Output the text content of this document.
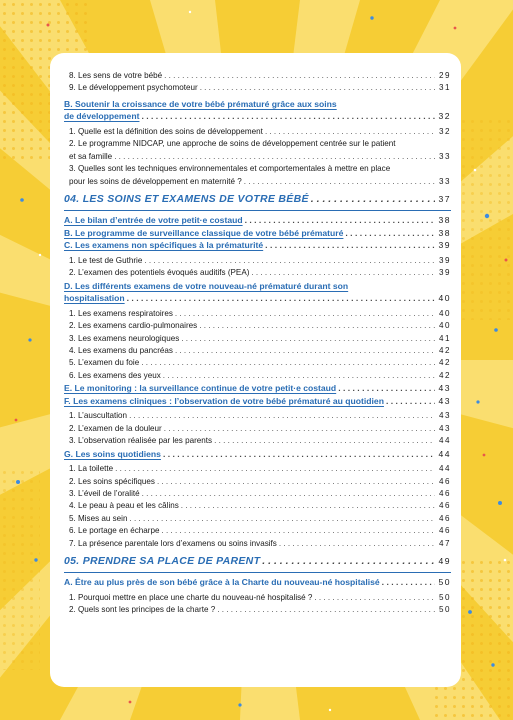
8. Les sens de votre bébé . . .	29
9. Le développement psychomoteur . . .	31
B. Soutenir la croissance de votre bébé prématuré grâce aux soins
de développement . . .	32
1. Quelle est la définition des soins de développement . . .	32
2. Le programme NIDCAP, une approche de soins de développement centrée sur le patient
et sa famille . . .	33
3. Quelles sont les techniques environnementales et comportementales à mettre en place
pour les soins de développement en maternité ? . . .	33
04. LES SOINS ET EXAMENS DE VOTRE BÉBÉ . . .	37
A. Le bilan d’entrée de votre petit·e costaud . . .	38
B. Le programme de surveillance classique de votre bébé prématuré . . .	38
C. Les examens non spécifiques à la prématurité . . .	39
1. Le test de Guthrie . . .	39
2. L’examen des potentiels évoqués auditifs (PEA) . . .	39
D. Les différents examens de votre nouveau-né prématuré durant son
hospitalisation . . .	40
1. Les examens respiratoires . . .	40
2. Les examens cardio-pulmonaires . . .	40
3. Les examens neurologiques . . .	41
4. Les examens du pancréas . . .	42
5. L’examen du foie . . .	42
6. Les examens des yeux . . .	42
E. Le monitoring : la surveillance continue de votre petit·e costaud . . .	43
F. Les examens cliniques : l’observation de votre bébé prématuré au quotidien . . .	43
1. L’auscultation . . .	43
2. L’examen de la douleur . . .	43
3. L’observation réalisée par les parents . . .	44
G. Les soins quotidiens . . .	44
1. La toilette . . .	44
2. Les soins spécifiques . . .	46
3. L’éveil de l’oralité . . .	46
4. Le peau à peau et les câlins . . .	46
5. Mises au sein . . .	46
6. Le portage en écharpe . . .	46
7. La présence parentale lors d’examens ou soins invasifs . . .	47
05. PRENDRE SA PLACE DE PARENT . . .	49
A. Être au plus près de son bébé grâce à la Charte du nouveau-né hospitalisé . . .	50
1. Pourquoi mettre en place une charte du nouveau-né hospitalisé ? . . .	50
2. Quels sont les principes de la charte ? . . .	50
